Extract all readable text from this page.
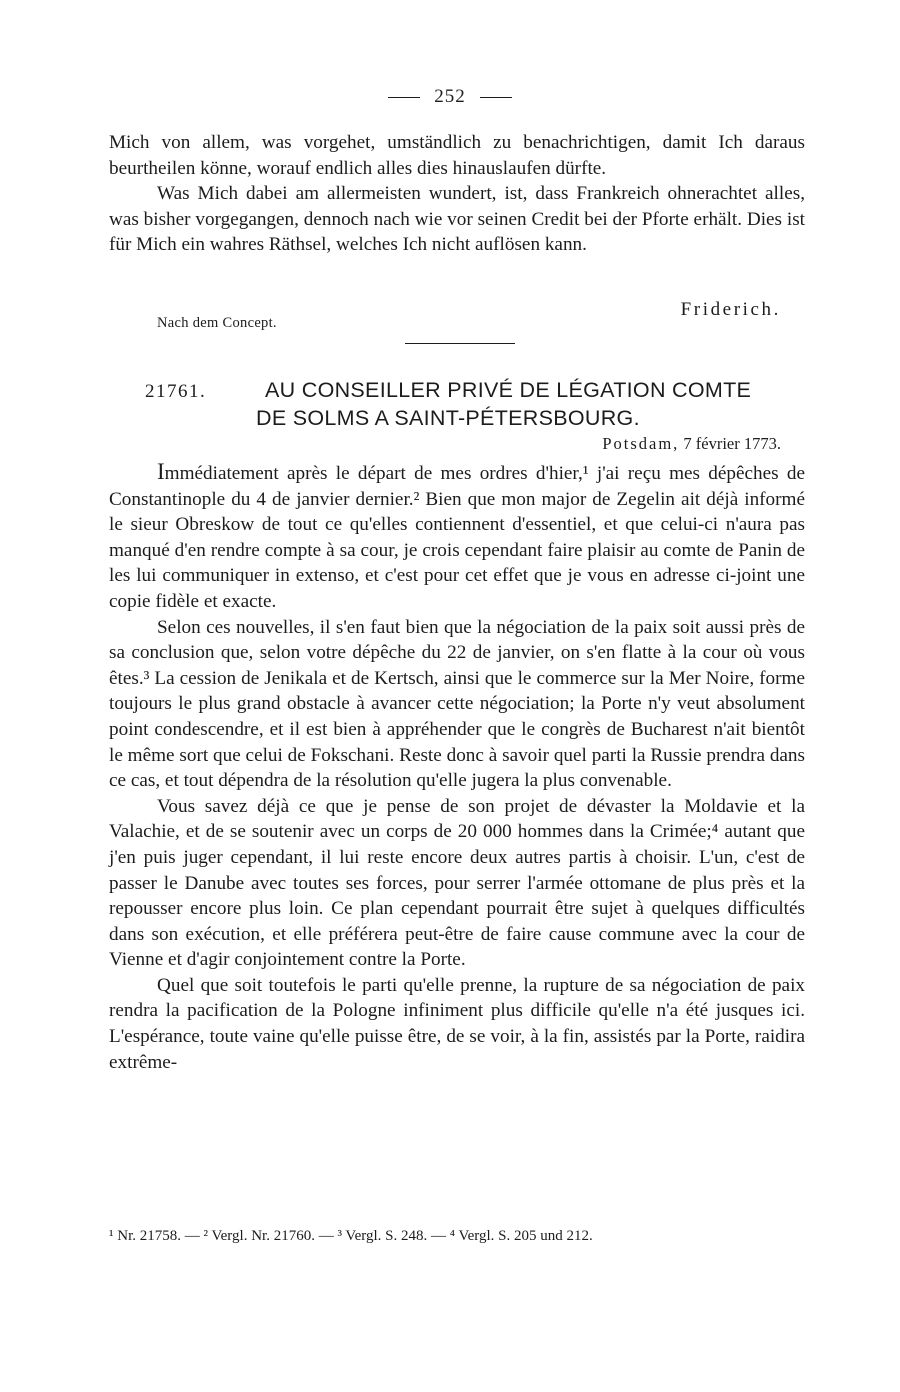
252

Mich von allem, was vorgehet, umständlich zu benachrichtigen, damit Ich daraus beurtheilen könne, worauf endlich alles dies hinauslaufen dürfte.

Was Mich dabei am allermeisten wundert, ist, dass Frankreich ohnerachtet alles, was bisher vorgegangen, dennoch nach wie vor seinen Credit bei der Pforte erhält. Dies ist für Mich ein wahres Räthsel, welches Ich nicht auflösen kann.

Friderich.
Nach dem Concept.
21761.	AU CONSEILLER PRIVÉ DE LÉGATION COMTE
DE SOLMS A SAINT-PÉTERSBOURG.
Potsdam, 7 février 1773.

Immédiatement après le départ de mes ordres d'hier,¹ j'ai reçu mes dépêches de Constantinople du 4 de janvier dernier.² Bien que mon major de Zegelin ait déjà informé le sieur Obreskow de tout ce qu'elles contiennent d'essentiel, et que celui-ci n'aura pas manqué d'en rendre compte à sa cour, je crois cependant faire plaisir au comte de Panin de les lui communiquer in extenso, et c'est pour cet effet que je vous en adresse ci-joint une copie fidèle et exacte.

Selon ces nouvelles, il s'en faut bien que la négociation de la paix soit aussi près de sa conclusion que, selon votre dépêche du 22 de janvier, on s'en flatte à la cour où vous êtes.³ La cession de Jenikala et de Kertsch, ainsi que le commerce sur la Mer Noire, forme toujours le plus grand obstacle à avancer cette négociation; la Porte n'y veut absolument point condescendre, et il est bien à appréhender que le congrès de Bucharest n'ait bientôt le même sort que celui de Fokschani. Reste donc à savoir quel parti la Russie prendra dans ce cas, et tout dépendra de la résolution qu'elle jugera la plus convenable.

Vous savez déjà ce que je pense de son projet de dévaster la Moldavie et la Valachie, et de se soutenir avec un corps de 20 000 hommes dans la Crimée;⁴ autant que j'en puis juger cependant, il lui reste encore deux autres partis à choisir. L'un, c'est de passer le Danube avec toutes ses forces, pour serrer l'armée ottomane de plus près et la repousser encore plus loin. Ce plan cependant pourrait être sujet à quelques difficultés dans son exécution, et elle préférera peut-être de faire cause commune avec la cour de Vienne et d'agir conjointement contre la Porte.

Quel que soit toutefois le parti qu'elle prenne, la rupture de sa négociation de paix rendra la pacification de la Pologne infiniment plus difficile qu'elle n'a été jusques ici. L'espérance, toute vaine qu'elle puisse être, de se voir, à la fin, assistés par la Porte, raidira extrême-

¹ Nr. 21758. — ² Vergl. Nr. 21760. — ³ Vergl. S. 248. — ⁴ Vergl. S. 205 und 212.
